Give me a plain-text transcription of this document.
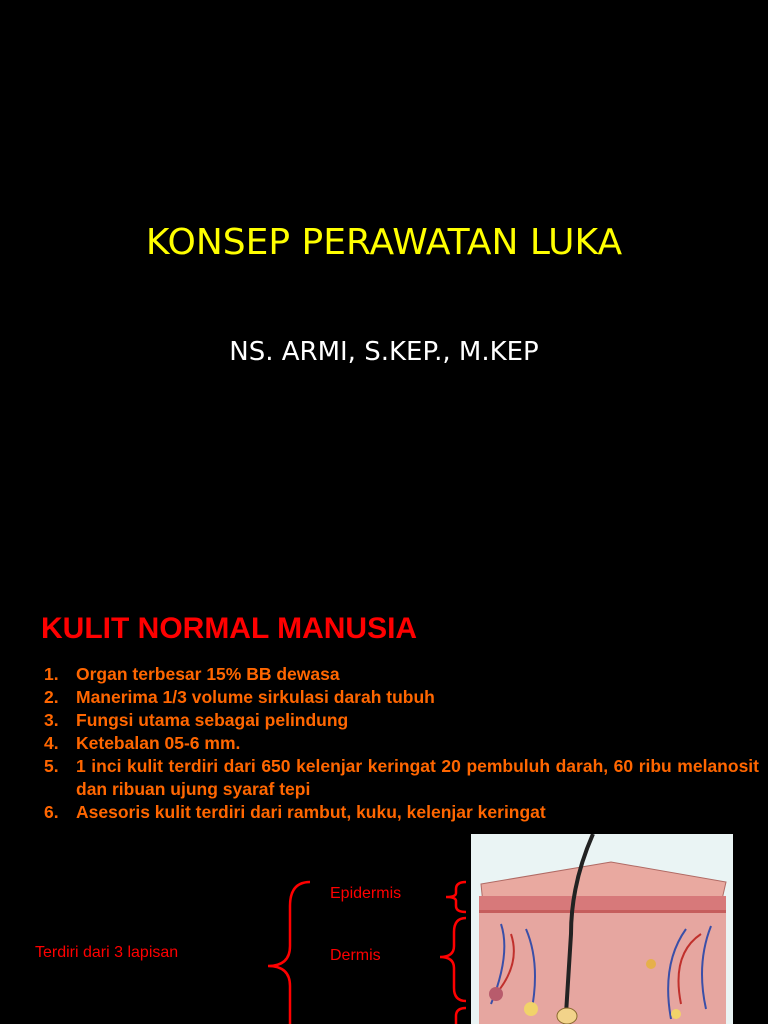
KONSEP PERAWATAN LUKA
NS. ARMI, S.KEP., M.KEP
KULIT NORMAL MANUSIA
1. Organ terbesar 15% BB dewasa
2. Manerima 1/3 volume sirkulasi darah tubuh
3. Fungsi utama sebagai pelindung
4. Ketebalan 05-6 mm.
5. 1 inci kulit terdiri dari 650 kelenjar keringat 20 pembuluh darah, 60 ribu melanosit dan ribuan ujung syaraf tepi
6. Asesoris kulit terdiri dari rambut, kuku, kelenjar keringat
Terdiri dari 3 lapisan
Epidermis
Dermis
